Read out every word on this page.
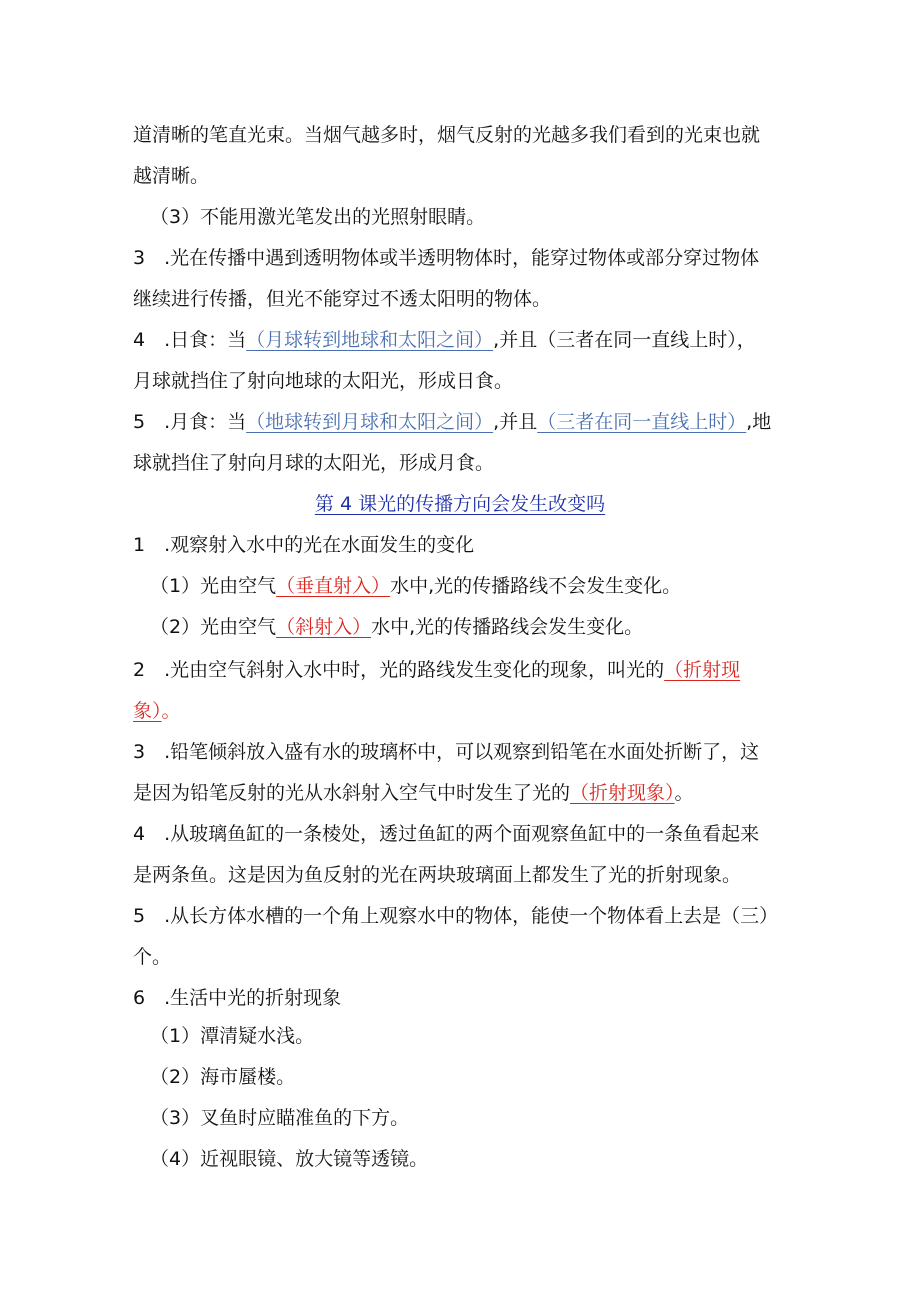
道清晰的笔直光束。当烟气越多时，烟气反射的光越多我们看到的光束也就
越清晰。
（3）不能用激光笔发出的光照射眼睛。
3　.光在传播中遇到透明物体或半透明物体时，能穿过物体或部分穿过物体
继续进行传播，但光不能穿过不透太阳明的物体。
4　.日食：当（月球转到地球和太阳之间）,并且（三者在同一直线上时），
月球就挡住了射向地球的太阳光，形成日食。
5　.月食：当（地球转到月球和太阳之间）,并且（三者在同一直线上时）,地
球就挡住了射向月球的太阳光，形成月食。
第 4 课光的传播方向会发生改变吗
1　.观察射入水中的光在水面发生的变化
（1）光由空气（垂直射入）水中,光的传播路线不会发生变化。
（2）光由空气（斜射入）水中,光的传播路线会发生变化。
2　.光由空气斜射入水中时，光的路线发生变化的现象，叫光的（折射现
象）。
3　.铅笔倾斜放入盛有水的玻璃杯中，可以观察到铅笔在水面处折断了，这
是因为铅笔反射的光从水斜射入空气中时发生了光的（折射现象）。
4　.从玻璃鱼缸的一条棱处，透过鱼缸的两个面观察鱼缸中的一条鱼看起来
是两条鱼。这是因为鱼反射的光在两块玻璃面上都发生了光的折射现象。
5　.从长方体水槽的一个角上观察水中的物体，能使一个物体看上去是（三）
个。
6　.生活中光的折射现象
（1）潭清疑水浅。
（2）海市蜃楼。
（3）叉鱼时应瞄准鱼的下方。
（4）近视眼镜、放大镜等透镜。
